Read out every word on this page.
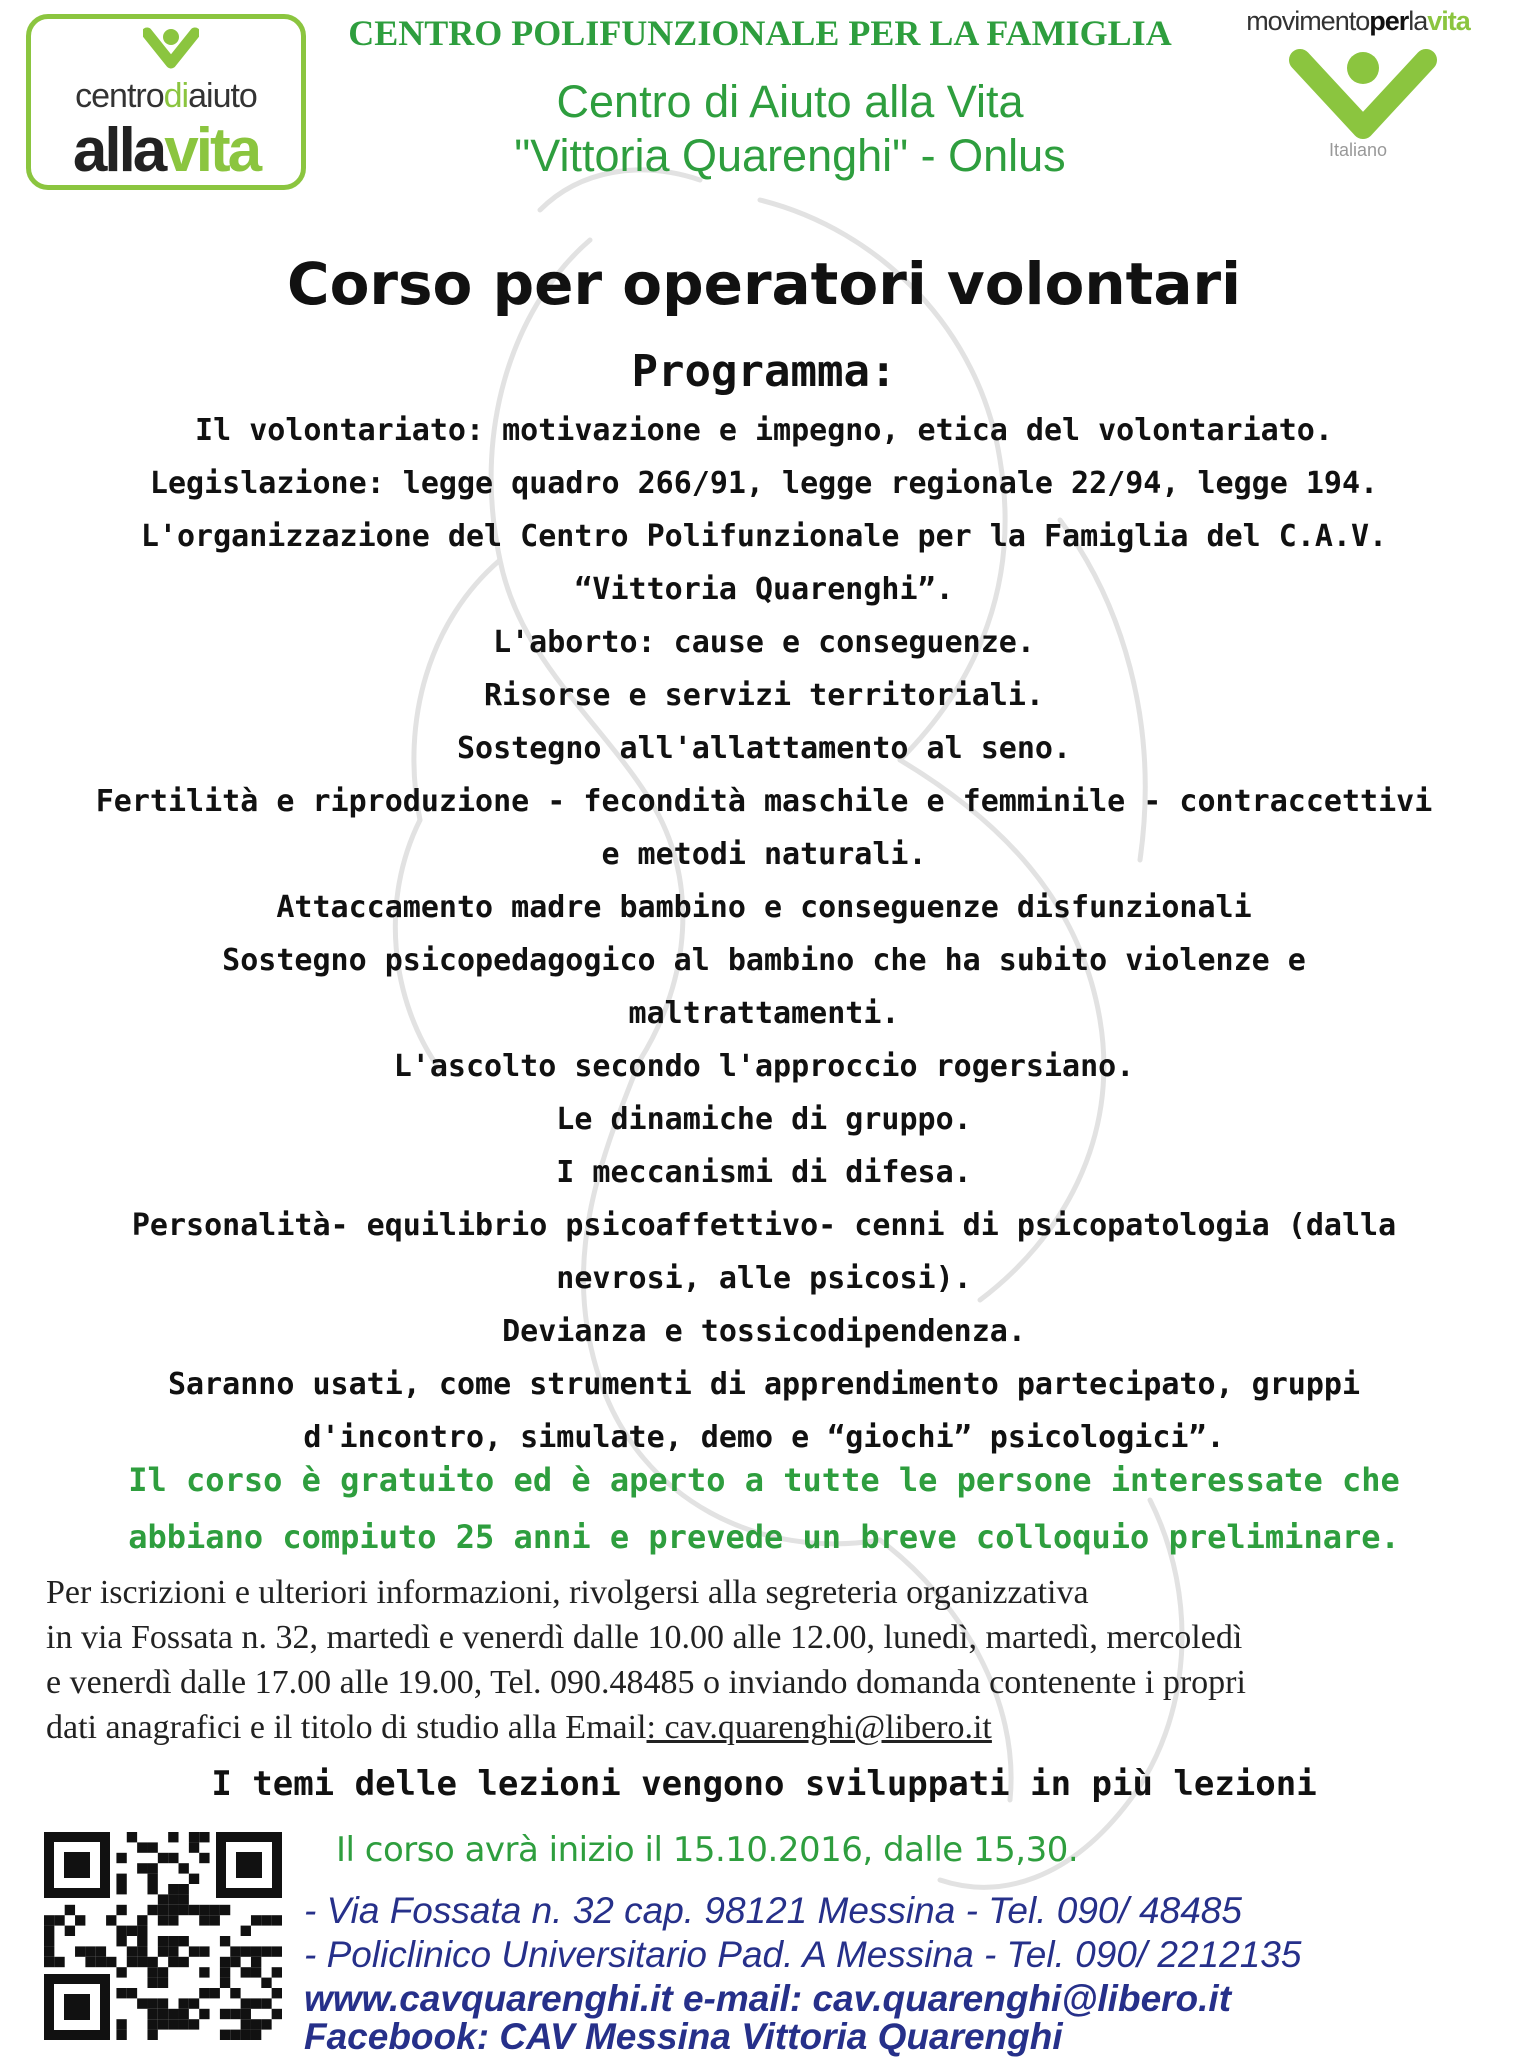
centrodiaiuto
allavita
movimentoperlavita
Italiano
CENTRO POLIFUNZIONALE PER LA FAMIGLIA
Centro di Aiuto alla Vita
"Vittoria Quarenghi" - Onlus
Corso per operatori volontari
Programma:
Il volontariato: motivazione e impegno, etica del volontariato.
Legislazione: legge quadro 266/91, legge regionale 22/94, legge 194.
L'organizzazione del Centro Polifunzionale per la Famiglia del C.A.V.
“Vittoria Quarenghi”.
L'aborto: cause e conseguenze.
Risorse e servizi territoriali.
Sostegno all'allattamento al seno.
Fertilità e riproduzione - fecondità maschile e femminile - contraccettivi
e metodi naturali.
Attaccamento madre bambino e conseguenze disfunzionali
Sostegno psicopedagogico al bambino che ha subito violenze e
maltrattamenti.
L'ascolto secondo l'approccio rogersiano.
Le dinamiche di gruppo.
I meccanismi di difesa.
Personalità- equilibrio psicoaffettivo- cenni di psicopatologia (dalla
nevrosi, alle psicosi).
Devianza e tossicodipendenza.
Saranno usati, come strumenti di apprendimento partecipato, gruppi
d'incontro, simulate, demo e “giochi” psicologici”.
Il corso è gratuito ed è aperto a tutte le persone interessate che
abbiano compiuto 25 anni e prevede un breve colloquio preliminare.
Per iscrizioni e ulteriori informazioni, rivolgersi alla segreteria organizzativa
in via Fossata n. 32, martedì e venerdì dalle 10.00 alle 12.00, lunedì, martedì, mercoledì
e venerdì dalle 17.00 alle 19.00, Tel. 090.48485 o inviando domanda contenente i propri
dati anagrafici e il titolo di studio alla Email: cav.quarenghi@libero.it
I temi delle lezioni vengono sviluppati in più lezioni
Il corso avrà inizio il 15.10.2016, dalle 15,30.
- Via Fossata n. 32 cap. 98121 Messina - Tel. 090/ 48485
- Policlinico Universitario Pad. A Messina - Tel. 090/ 2212135
www.cavquarenghi.it e-mail: cav.quarenghi@libero.it
Facebook: CAV Messina Vittoria Quarenghi
